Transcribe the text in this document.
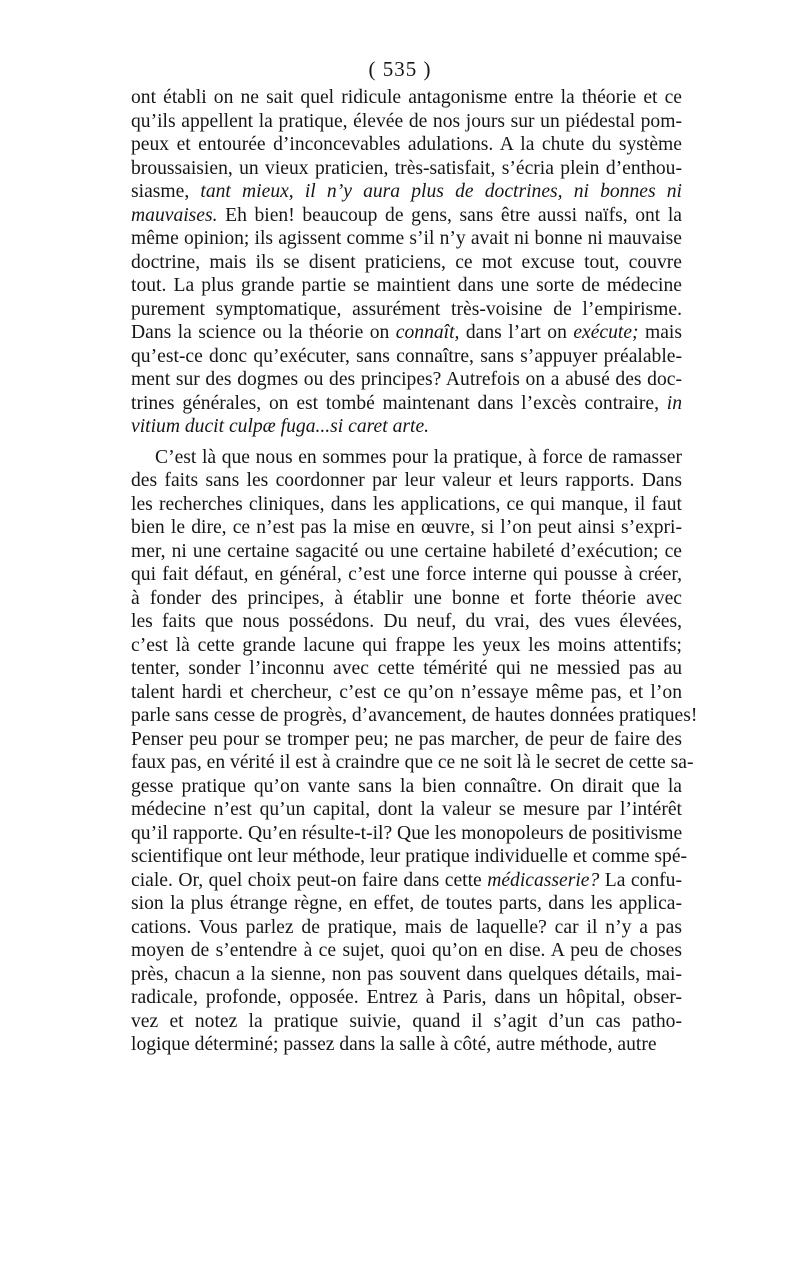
( 535 )
ont établi on ne sait quel ridicule antagonisme entre la théorie et ce
qu’ils appellent la pratique, élevée de nos jours sur un piédestal pom-
peux et entourée d’inconcevables adulations. A la chute du système
broussaisien, un vieux praticien, très-satisfait, s’écria plein d’enthou-
siasme, tant mieux, il n’y aura plus de doctrines, ni bonnes ni
mauvaises. Eh bien! beaucoup de gens, sans être aussi naïfs, ont la
même opinion; ils agissent comme s’il n’y avait ni bonne ni mauvaise
doctrine, mais ils se disent praticiens, ce mot excuse tout, couvre
tout. La plus grande partie se maintient dans une sorte de médecine
purement symptomatique, assurément très-voisine de l’empirisme.
Dans la science ou la théorie on connaît, dans l’art on exécute; mais
qu’est-ce donc qu’exécuter, sans connaître, sans s’appuyer préalable-
ment sur des dogmes ou des principes? Autrefois on a abusé des doc-
trines générales, on est tombé maintenant dans l’excès contraire, in
vitium ducit culpæ fuga...si caret arte.
C’est là que nous en sommes pour la pratique, à force de ramasser
des faits sans les coordonner par leur valeur et leurs rapports. Dans
les recherches cliniques, dans les applications, ce qui manque, il faut
bien le dire, ce n’est pas la mise en œuvre, si l’on peut ainsi s’expri-
mer, ni une certaine sagacité ou une certaine habileté d’exécution; ce
qui fait défaut, en général, c’est une force interne qui pousse à créer,
à fonder des principes, à établir une bonne et forte théorie avec
les faits que nous possédons. Du neuf, du vrai, des vues élevées,
c’est là cette grande lacune qui frappe les yeux les moins attentifs;
tenter, sonder l’inconnu avec cette témérité qui ne messied pas au
talent hardi et chercheur, c’est ce qu’on n’essaye même pas, et l’on
parle sans cesse de progrès, d’avancement, de hautes données pratiques!
Penser peu pour se tromper peu; ne pas marcher, de peur de faire des
faux pas, en vérité il est à craindre que ce ne soit là le secret de cette sa-
gesse pratique qu’on vante sans la bien connaître. On dirait que la
médecine n’est qu’un capital, dont la valeur se mesure par l’intérêt
qu’il rapporte. Qu’en résulte-t-il? Que les monopoleurs de positivisme
scientifique ont leur méthode, leur pratique individuelle et comme spé-
ciale. Or, quel choix peut-on faire dans cette médicasserie? La confu-
sion la plus étrange règne, en effet, de toutes parts, dans les applica-
cations. Vous parlez de pratique, mais de laquelle? car il n’y a pas
moyen de s’entendre à ce sujet, quoi qu’on en dise. A peu de choses
près, chacun a la sienne, non pas souvent dans quelques détails, mai-
radicale, profonde, opposée. Entrez à Paris, dans un hôpital, obser-
vez et notez la pratique suivie, quand il s’agit d’un cas patho-
logique déterminé; passez dans la salle à côté, autre méthode, autre
